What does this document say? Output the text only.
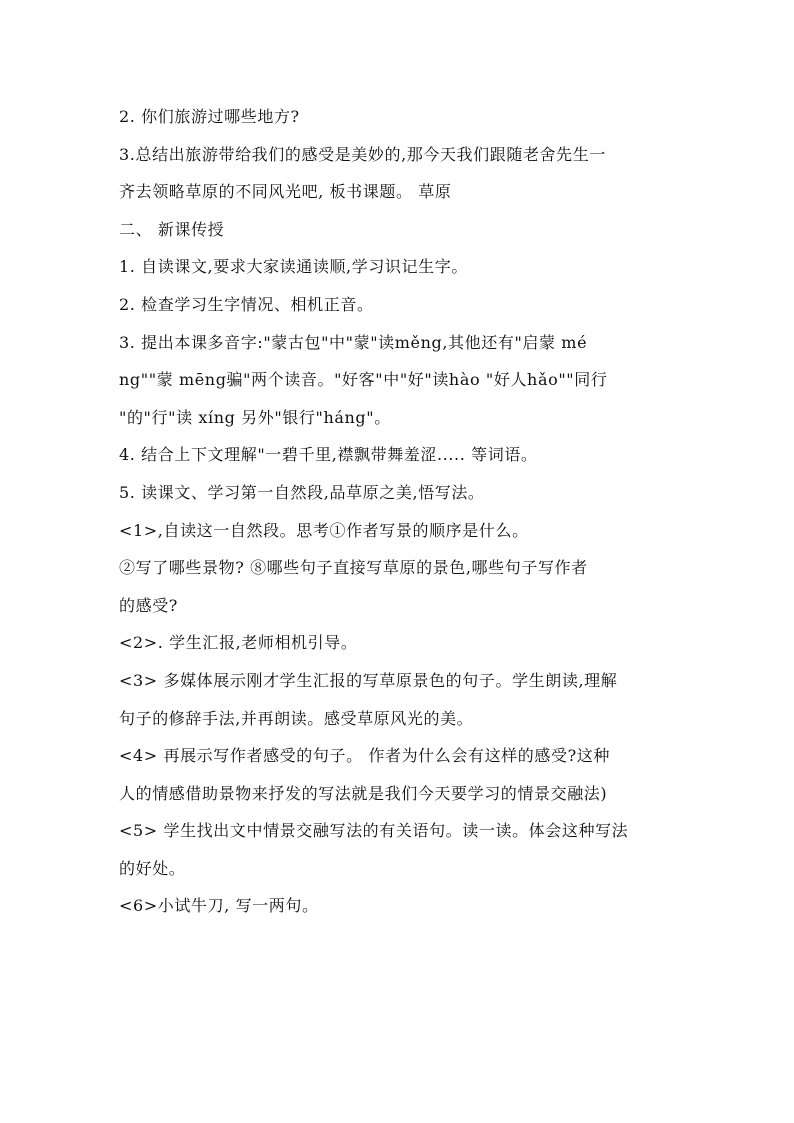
2. 你们旅游过哪些地方?
3.总结出旅游带给我们的感受是美妙的,那今天我们跟随老舍先生一
齐去领略草原的不同风光吧, 板书课题。 草原
二、 新课传授
1. 自读课文,要求大家读通读顺,学习识记生字。
2. 检查学习生字情况、相机正音。
3. 提出本课多音字:"蒙古包"中"蒙"读měng,其他还有"启蒙 mé
ng""蒙 mēng骗"两个读音。"好客"中"好"读hào "好人hǎo""同行
"的"行"读 xíng 另外"银行"háng"。
4. 结合上下文理解"一碧千里,襟飘带舞羞涩..... 等词语。
5. 读课文、学习第一自然段,品草原之美,悟写法。
<1>,自读这一自然段。思考①作者写景的顺序是什么。
②写了哪些景物? ⑧哪些句子直接写草原的景色,哪些句子写作者
的感受?
<2>. 学生汇报,老师相机引导。
<3> 多媒体展示刚才学生汇报的写草原景色的句子。学生朗读,理解
句子的修辞手法,并再朗读。感受草原风光的美。
<4> 再展示写作者感受的句子。 作者为什么会有这样的感受?这种
人的情感借助景物来抒发的写法就是我们今天要学习的情景交融法)
<5> 学生找出文中情景交融写法的有关语句。读一读。体会这种写法
的好处。
<6>小试牛刀, 写一两句。
